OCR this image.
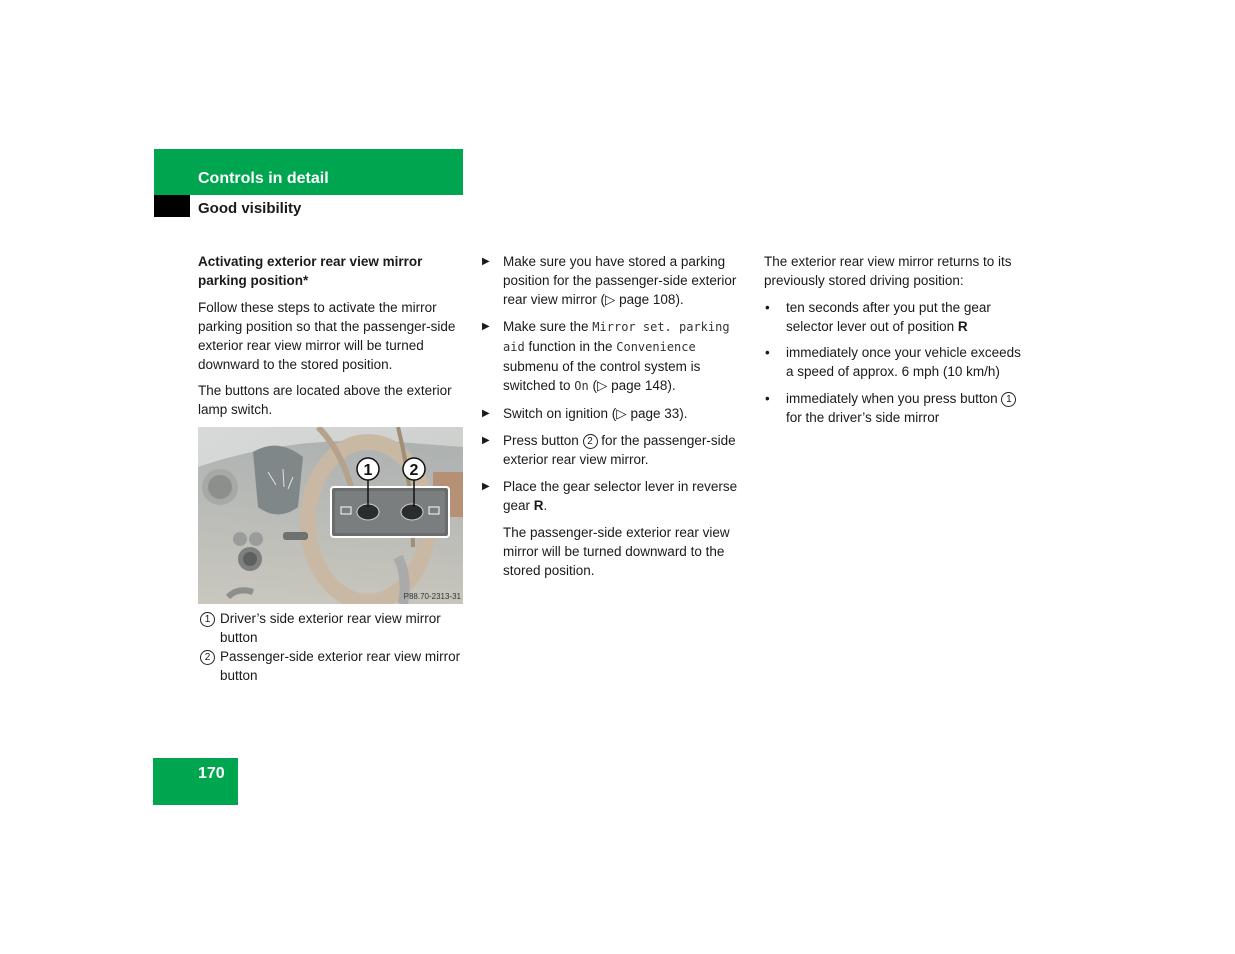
Controls in detail
Good visibility

Activating exterior rear view mirror parking position*

Follow these steps to activate the mirror parking position so that the passenger-side exterior rear view mirror will be turned downward to the stored position.

The buttons are located above the exterior lamp switch.

1 2
P88.70-2313-31
1 Driver’s side exterior rear view mirror button
2 Passenger-side exterior rear view mirror button
▶ Make sure you have stored a parking position for the passenger-side exterior rear view mirror (▷ page 108).
▶ Make sure the Mirror set. parking aid function in the Convenience submenu of the control system is switched to On (▷ page 148).
▶ Switch on ignition (▷ page 33).
▶ Press button 2 for the passenger-side exterior rear view mirror.
▶ Place the gear selector lever in reverse gear R.

The passenger-side exterior rear view mirror will be turned downward to the stored position.

The exterior rear view mirror returns to its previously stored driving position:

• ten seconds after you put the gear selector lever out of position R
• immediately once your vehicle exceeds a speed of approx. 6 mph (10 km/h)
• immediately when you press button 1 for the driver’s side mirror
170
